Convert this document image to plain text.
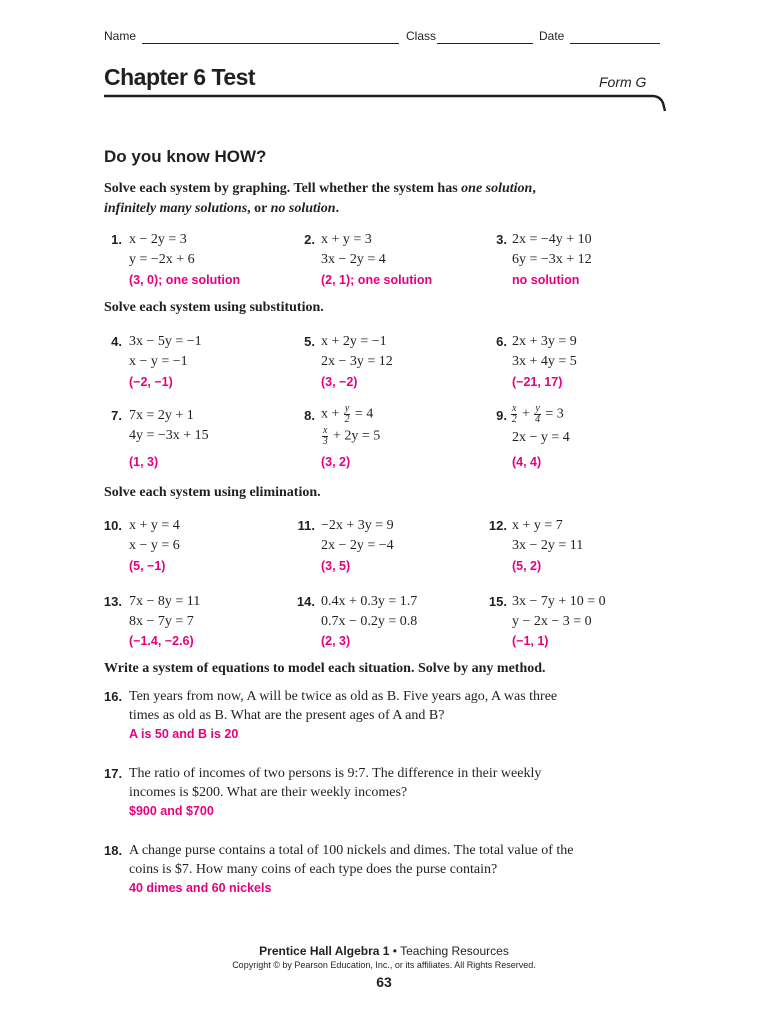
Name	Class	Date
Chapter 6 Test	Form G
Do you know HOW?
Solve each system by graphing. Tell whether the system has one solution,
infinitely many solutions, or no solution.
1. x − 2y = 3
y = −2x + 6
(3, 0); one solution
2. x + y = 3
3x − 2y = 4
(2, 1); one solution
3. 2x = −4y + 10
6y = −3x + 12
no solution
Solve each system using substitution.
4. 3x − 5y = −1
x − y = −1
(−2, −1)
5. x + 2y = −1
2x − 3y = 12
(3, −2)
6. 2x + 3y = 9
3x + 4y = 5
(−21, 17)
7. 7x = 2y + 1
4y = −3x + 15
(1, 3)
8. $x + \frac{y}{2} = 4$
$\frac{x}{3} + 2y = 5$
(3, 2)
9. $\frac{x}{2} + \frac{y}{4} = 3$
2x − y = 4
(4, 4)
Solve each system using elimination.
10. x + y = 4
x − y = 6
(5, −1)
11. −2x + 3y = 9
2x − 2y = −4
(3, 5)
12. x + y = 7
3x − 2y = 11
(5, 2)
13. 7x − 8y = 11
8x − 7y = 7
(−1.4, −2.6)
14. 0.4x + 0.3y = 1.7
0.7x − 0.2y = 0.8
(2, 3)
15. 3x − 7y + 10 = 0
y − 2x − 3 = 0
(−1, 1)
Write a system of equations to model each situation. Solve by any method.
16. Ten years from now, A will be twice as old as B. Five years ago, A was three
times as old as B. What are the present ages of A and B?
A is 50 and B is 20
17. The ratio of incomes of two persons is 9:7. The difference in their weekly
incomes is $200. What are their weekly incomes?
$900 and $700
18. A change purse contains a total of 100 nickels and dimes. The total value of the
coins is $7. How many coins of each type does the purse contain?
40 dimes and 60 nickels
Prentice Hall Algebra 1 • Teaching Resources
Copyright © by Pearson Education, Inc., or its affiliates. All Rights Reserved.
63
